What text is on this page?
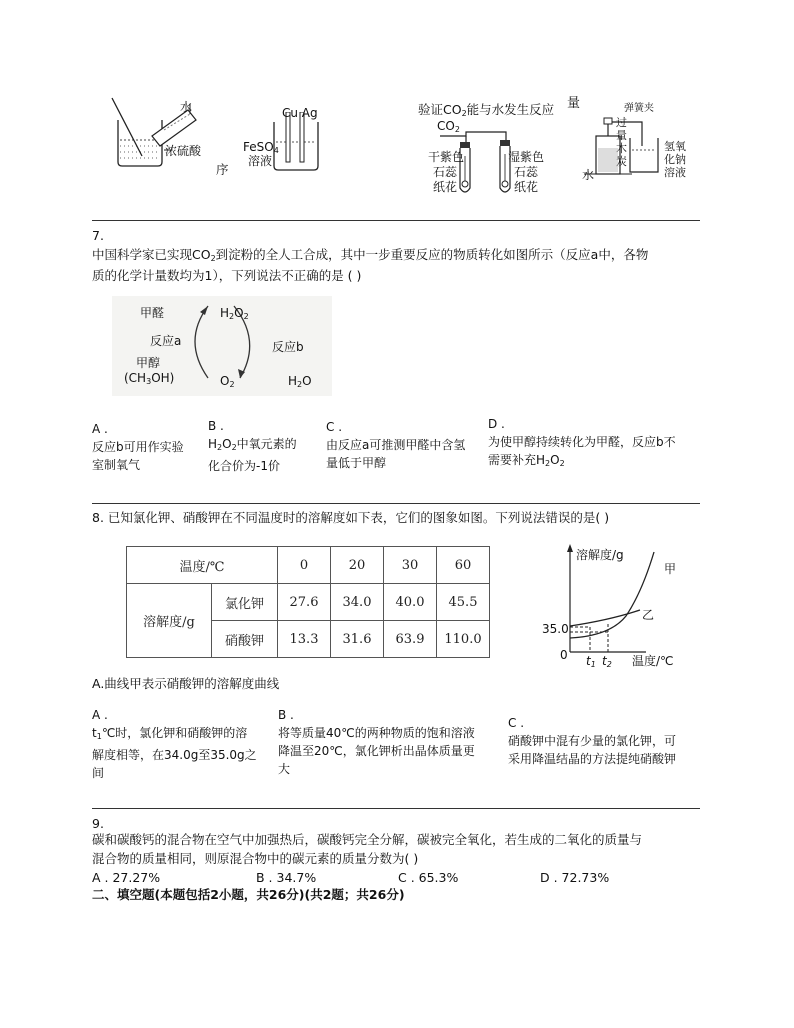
水
浓硫酸
Cu Ag
FeSO$_4$
溶液
序
验证$CO_2$能与水发生反应 量
$CO_2$
干紫色
石蕊
纸花
湿紫色
石蕊
纸花
弹簧夹
过
量
木
炭
水
氢氧
化钠
溶液
7.
中国科学家已实现$CO_2$到淀粉的全人工合成，其中一步重要反应的物质转化如图所示（反应a中，各物
质的化学计量数均为1），下列说法不正确的是 ( )
甲醛
反应a
甲醇
$(CH_3OH)$
$H_2O_2$
反应b
$O_2$	$H_2O$
A .
反应b可用作实验
室制氧气
B .
$H_2O_2$中氧元素的
化合价为-1价
C .
由反应a可推测甲醛中含氢
量低于甲醇
D .
为使甲醇持续转化为甲醛，反应b不
需要补充$H_2O_2$
8. 已知氯化钾、硝酸钾在不同温度时的溶解度如下表，它们的图象如图。下列说法错误的是( )
温度/℃		0	20	30	60
溶解度/g	氯化钾	27.6	34.0	40.0	45.5
	硝酸钾	13.3	31.6	63.9	110.0
溶解度/g
甲
乙
35.0
0 $t_1$ $t_2$ 温度/℃
A.曲线甲表示硝酸钾的溶解度曲线
A .
$t_1℃$时，氯化钾和硝酸钾的溶
解度相等，在34.0g至35.0g之
间
B .
将等质量40℃的两种物质的饱和溶液
降温至20℃，氯化钾析出晶体质量更
大
C .
硝酸钾中混有少量的氯化钾，可
采用降温结晶的方法提纯硝酸钾
9.
碳和碳酸钙的混合物在空气中加强热后，碳酸钙完全分解，碳被完全氧化，若生成的二氧化的质量与
混合物的质量相同，则原混合物中的碳元素的质量分数为( )
A . 27.27%	B . 34.7%	C . 65.3%	D . 72.73%
二、填空题(本题包括2小题，共26分)(共2题；共26分)
